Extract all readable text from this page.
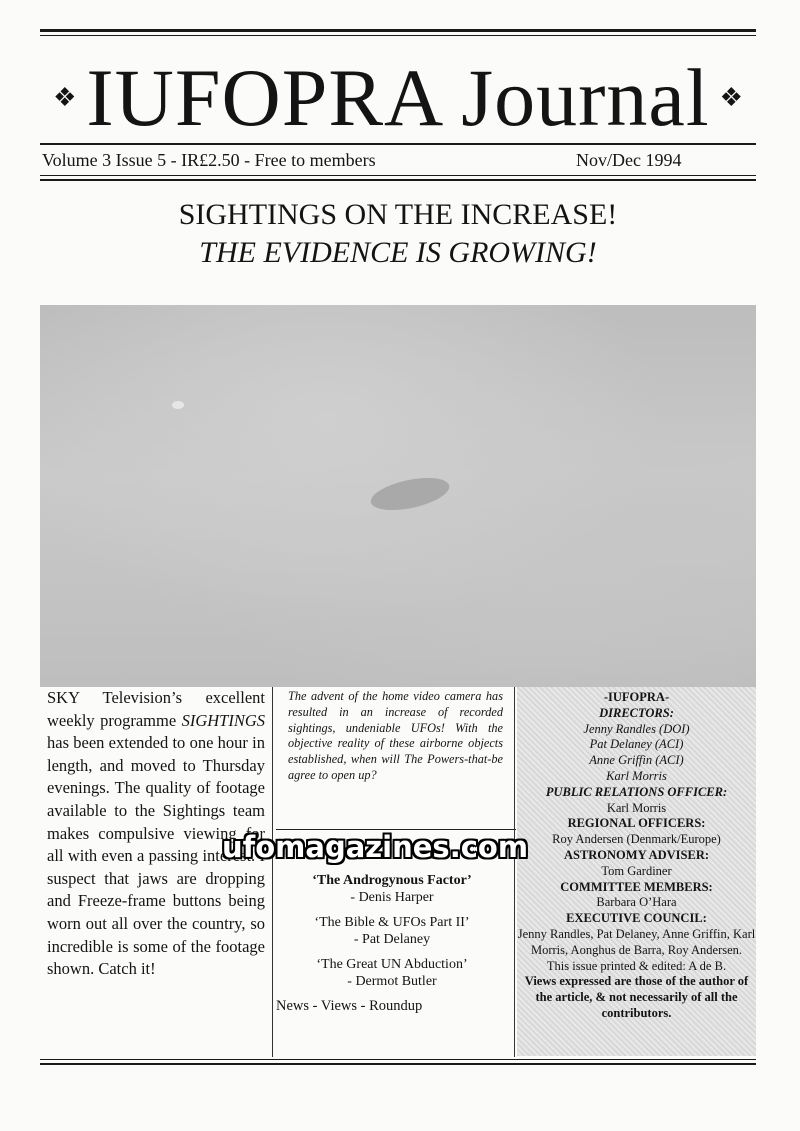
❖ IUFOPRA Journal ❖
Volume 3 Issue 5 - IR£2.50 - Free to members	Nov/Dec 1994
SIGHTINGS ON THE INCREASE!
THE EVIDENCE IS GROWING!
SKY Television’s excellent weekly programme SIGHTINGS has been extended to one hour in length, and moved to Thursday evenings. The quality of footage available to the Sightings team makes compulsive viewing for all with even a passing interest. I suspect that jaws are dropping and Freeze-frame buttons being worn out all over the country, so incredible is some of the footage shown. Catch it!
The advent of the home video camera has resulted in an increase of recorded sightings, undeniable UFOs! With the objective reality of these airborne objects established, when will The Powers-that-be agree to open up?
‘The Androgynous Factor’
- Denis Harper
‘The Bible & UFOs Part II’
- Pat Delaney
‘The Great UN Abduction’
- Dermot Butler
News - Views - Roundup
-IUFOPRA-
DIRECTORS:
Jenny Randles (DOI)
Pat Delaney (ACI)
Anne Griffin (ACI)
Karl Morris
PUBLIC RELATIONS OFFICER:
Karl Morris
REGIONAL OFFICERS:
Roy Andersen (Denmark/Europe)
ASTRONOMY ADVISER:
Tom Gardiner
COMMITTEE MEMBERS:
Barbara O’Hara
EXECUTIVE COUNCIL:
Jenny Randles, Pat Delaney, Anne Griffin, Karl Morris, Aonghus de Barra, Roy Andersen.
This issue printed & edited: A de B.
Views expressed are those of the author of the article, & not necessarily of all the contributors.
ufomagazines.com
